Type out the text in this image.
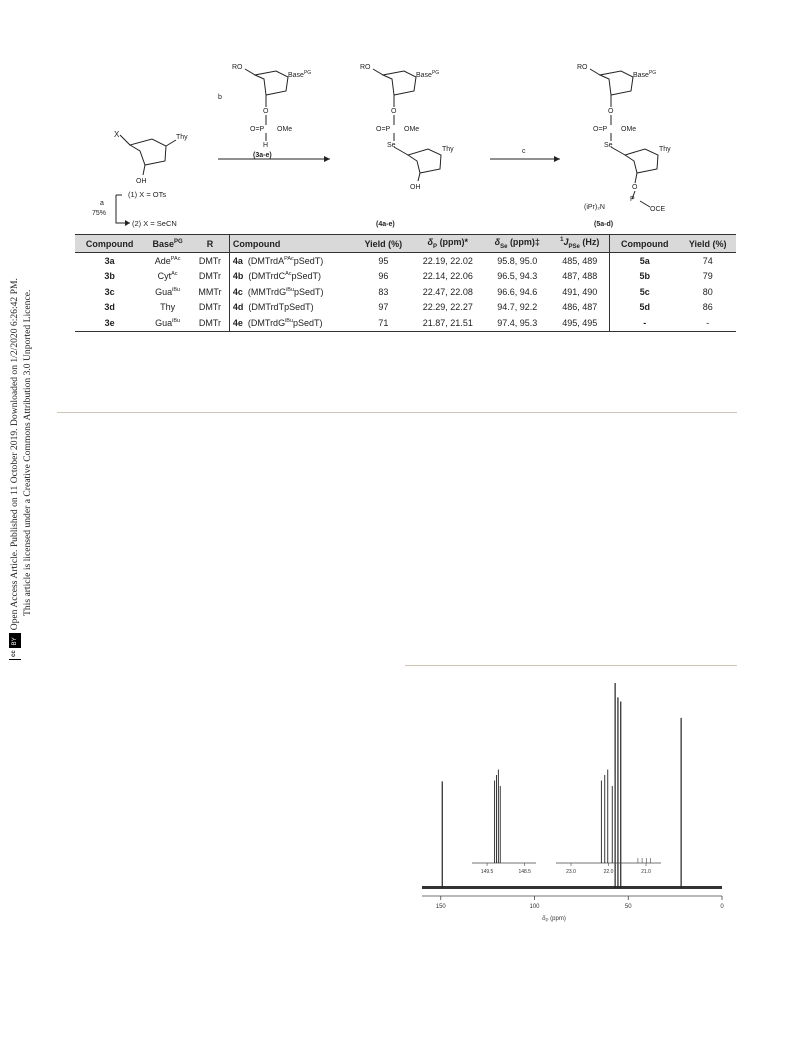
cc
BY
Open Access Article. Published on 11 October 2019. Downloaded on 1/2/2020 6:26:42 PM. This article is licensed under a Creative Commons Attribution 3.0 Unported Licence.
X	Thy
OH
a
75%
(1) X = OTs
(2) X = SeCN
b
RO
Base$^{PG}$
O
O=P OMe
H
(3a-e)
RO
Base$^{PG}$
O
O=P OMe
Se
Thy
OH
(4a-e)
c
RO
Base$^{PG}$
O
O=P OMe
Se
Thy
O
P
(iPr)₂N	OCE
(5a-d)
Compound	Base$^{PG}$	R	Compound	Yield (%)	$\delta_P$ (ppm)*	$\delta_{Se}$ (ppm)‡	$^1J_{PSe}$ (Hz)	Compound	Yield (%)
3a	Ade$^{PAc}$	DMTr	4a (DMTrdA$^{PAc}$pSedT)	95	22.19, 22.02	95.8, 95.0	485, 489	5a	74
3b	Cyt$^{Ac}$	DMTr	4b (DMTrdC$^{Ac}$pSedT)	96	22.14, 22.06	96.5, 94.3	487, 488	5b	79
3c	Gua$^{iBu}$	MMTr	4c (MMTrdG$^{iBu}$pSedT)	83	22.47, 22.08	96.6, 94.6	491, 490	5c	80
3d	Thy	DMTr	4d (DMTrdTpSedT)	97	22.29, 22.27	94.7, 92.2	486, 487	5d	86
3e	Gua$^{iBu}$	DMTr	4e (DMTrdG$^{iBu}$pSedT)	71	21.87, 21.51	97.4, 95.3	495, 495	-	-
150	100	50	0
149.5	148.5	23.0	22.0	21.0
$\delta_P$ (ppm)
